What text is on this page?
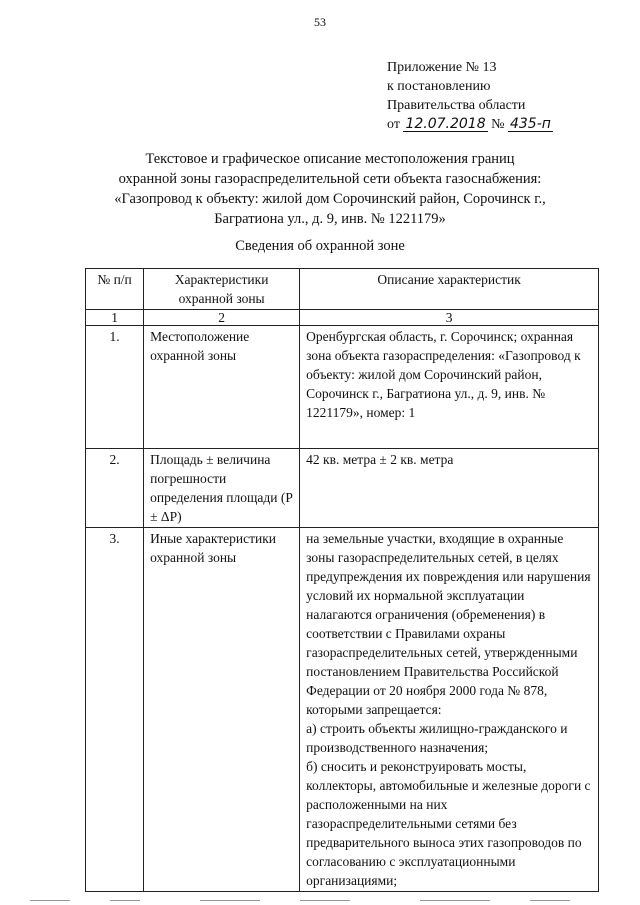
53
Приложение № 13
к постановлению
Правительства области
от 12.07.2018 № 435-п
Текстовое и графическое описание местоположения границ
охранной зоны газораспределительной сети объекта газоснабжения:
«Газопровод к объекту: жилой дом Сорочинский район, Сорочинск г.,
Багратиона ул., д. 9, инв. № 1221179»
Сведения об охранной зоне
№ п/п	Характеристики охранной зоны	Описание характеристик
1	2	3
1.	Местоположение охранной зоны	Оренбургская область, г. Сорочинск; охранная зона объекта газораспределения: «Газопровод к объекту: жилой дом Сорочинский район, Сорочинск г., Багратиона ул., д. 9, инв. № 1221179», номер: 1
2.	Площадь ± величина погрешности определения площади (P ± ΔP)	42 кв. метра ± 2 кв. метра
3.	Иные характеристики охранной зоны	на земельные участки, входящие в охранные зоны газораспределительных сетей, в целях предупреждения их повреждения или нарушения условий их нормальной эксплуатации налагаются ограничения (обременения) в соответствии с Правилами охраны газораспределительных сетей, утвержденными постановлением Правительства Российской Федерации от 20 ноября 2000 года № 878, которыми запрещается:
а) строить объекты жилищно-гражданского и производственного назначения;
б) сносить и реконструировать мосты, коллекторы, автомобильные и железные дороги с расположенными на них газораспределительными сетями без предварительного выноса этих газопроводов по согласованию с эксплуатационными организациями;
